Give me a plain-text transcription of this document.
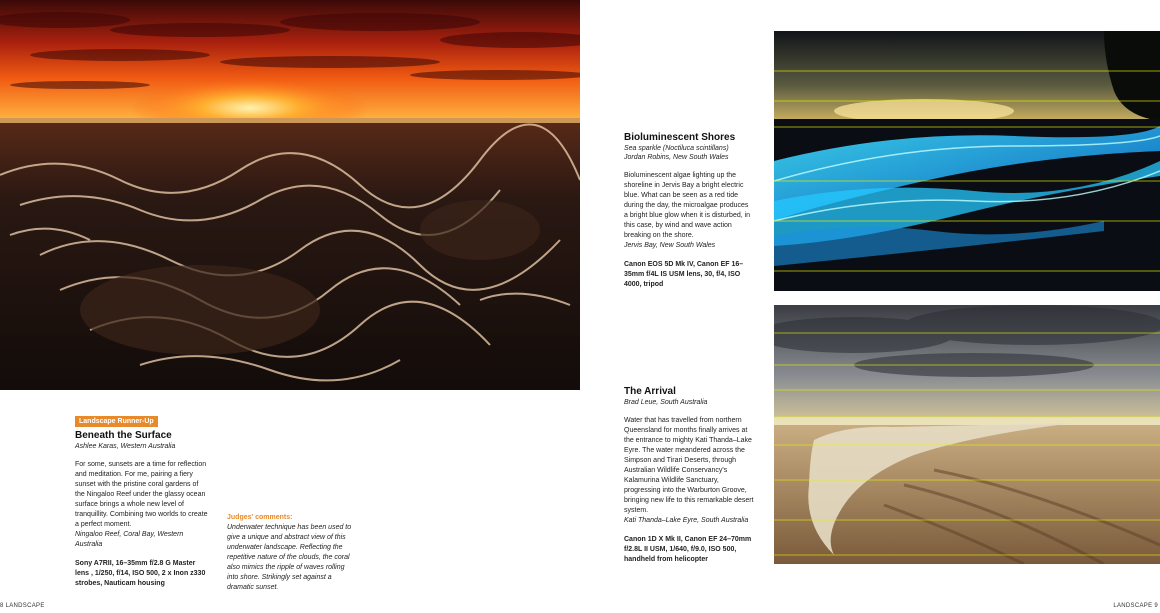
Landscape Runner-Up
Beneath the Surface
Ashlee Karas, Western Australia
For some, sunsets are a time for reflection and meditation. For me, pairing a fiery sunset with the pristine coral gardens of the Ningaloo Reef under the glassy ocean surface brings a whole new level of tranquillity. Combining two worlds to create a perfect moment.
Ningaloo Reef, Coral Bay, Western Australia
Sony A7RII, 16–35mm f/2.8 G Master lens , 1/250, f/14, ISO 500, 2 x Inon z330 strobes, Nauticam housing
Judges' comments:
Underwater technique has been used to give a unique and abstract view of this underwater landscape. Reflecting the repetitive nature of the clouds, the coral also mimics the ripple of waves rolling into shore. Strikingly set against a dramatic sunset.
Bioluminescent Shores
Sea sparkle (Noctiluca scintillans)
Jordan Robins, New South Wales
Bioluminescent algae lighting up the shoreline in Jervis Bay a bright electric blue. What can be seen as a red tide during the day, the microalgae produces a bright blue glow when it is disturbed, in this case, by wind and wave action breaking on the shore.
Jervis Bay, New South Wales
Canon EOS 5D Mk IV, Canon EF 16–35mm f/4L IS USM lens, 30, f/4, ISO 4000, tripod
The Arrival
Brad Leue, South Australia
Water that has travelled from northern Queensland for months finally arrives at the entrance to mighty Kati Thanda–Lake Eyre. The water meandered across the Simpson and Tirari Deserts, through Australian Wildlife Conservancy's Kalamurina Wildlife Sanctuary, progressing into the Warburton Groove, bringing new life to this remarkable desert system.
Kati Thanda–Lake Eyre, South Australia
Canon 1D X Mk II, Canon EF 24–70mm f/2.8L II USM, 1/640, f/9.0, ISO 500, handheld from helicopter
8 LANDSCAPE	LANDSCAPE 9
